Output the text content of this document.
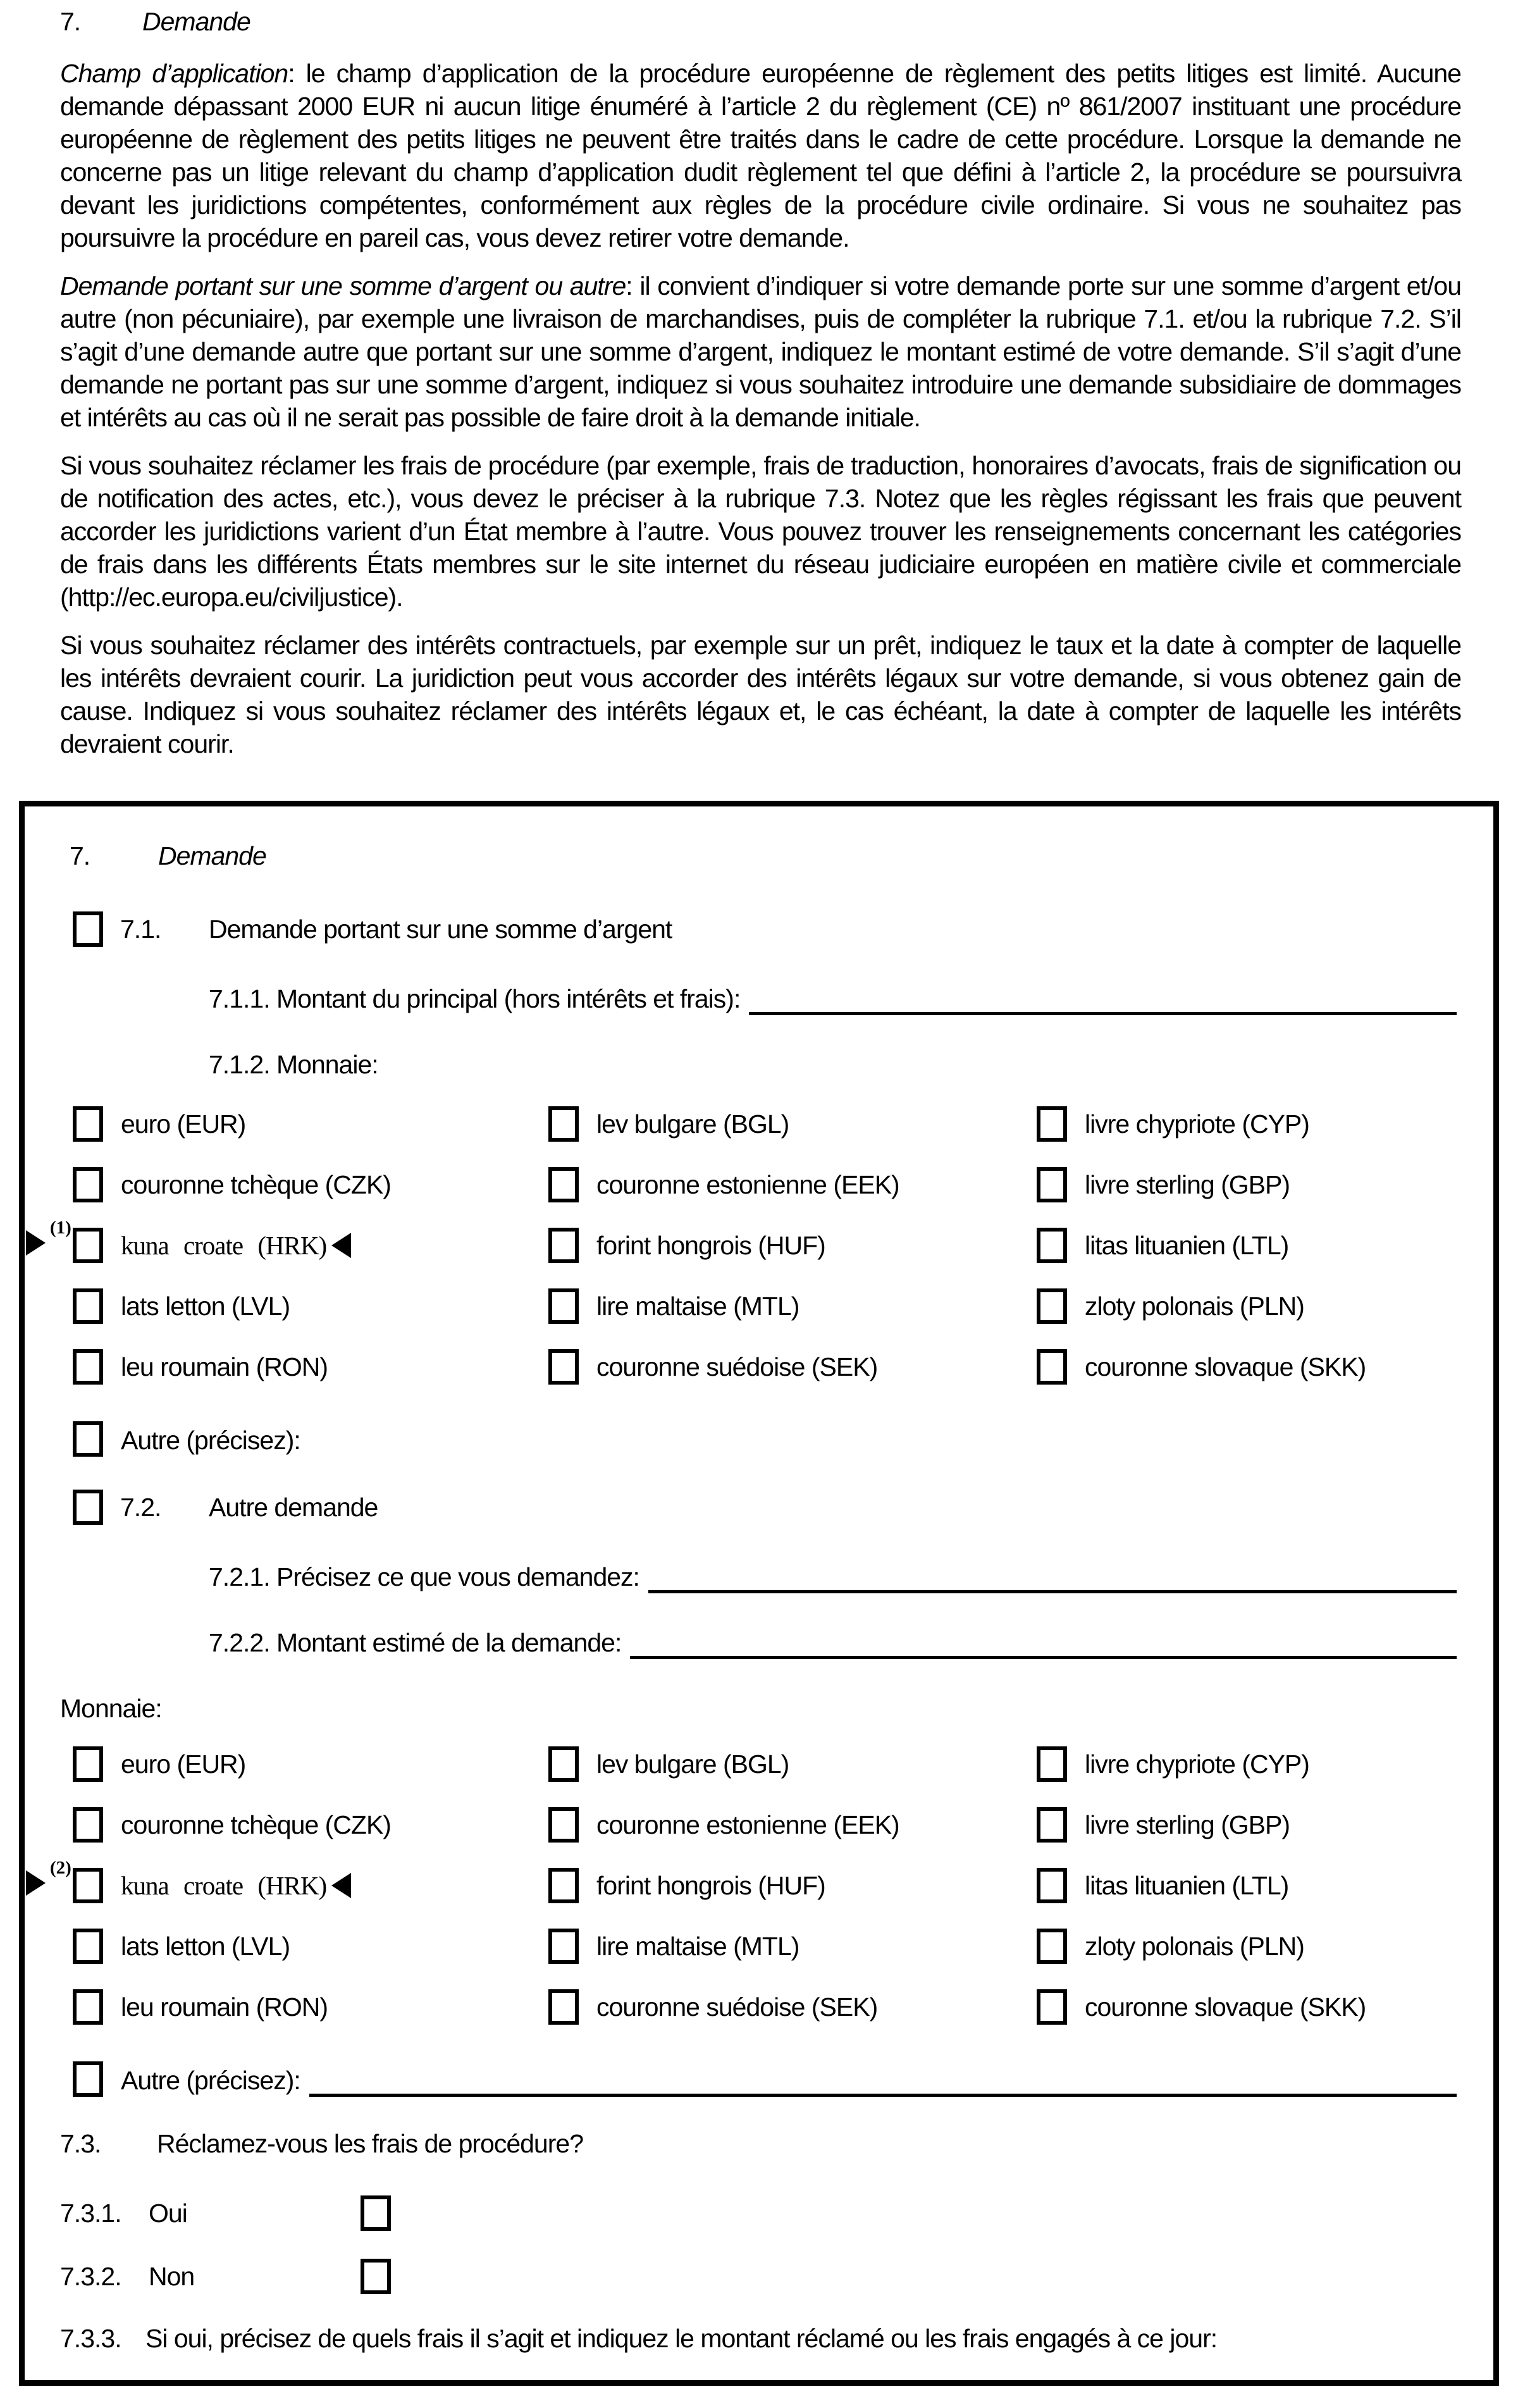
7. Demande

Champ d’application: le champ d’application de la procédure européenne de règlement des petits litiges est limité. Aucune demande dépassant 2000 EUR ni aucun litige énuméré à l’article 2 du règlement (CE) nº 861/2007 instituant une procédure européenne de règlement des petits litiges ne peuvent être traités dans le cadre de cette procédure. Lorsque la demande ne concerne pas un litige relevant du champ d’application dudit règlement tel que défini à l’article 2, la procédure se poursuivra devant les juridictions compétentes, conformément aux règles de la procédure civile ordinaire. Si vous ne souhaitez pas poursuivre la procédure en pareil cas, vous devez retirer votre demande.

Demande portant sur une somme d’argent ou autre: il convient d’indiquer si votre demande porte sur une somme d’argent et/ou autre (non pécuniaire), par exemple une livraison de marchandises, puis de compléter la rubrique 7.1. et/ou la rubrique 7.2. S’il s’agit d’une demande autre que portant sur une somme d’argent, indiquez le montant estimé de votre demande. S’il s’agit d’une demande ne portant pas sur une somme d’argent, indiquez si vous souhaitez introduire une demande subsidiaire de dommages et intérêts au cas où il ne serait pas possible de faire droit à la demande initiale.

Si vous souhaitez réclamer les frais de procédure (par exemple, frais de traduction, honoraires d’avocats, frais de signification ou de notification des actes, etc.), vous devez le préciser à la rubrique 7.3. Notez que les règles régissant les frais que peuvent accorder les juridictions varient d’un État membre à l’autre. Vous pouvez trouver les renseignements concernant les catégories de frais dans les différents États membres sur le site internet du réseau judiciaire européen en matière civile et commerciale (http://ec.europa.eu/civiljustice).

Si vous souhaitez réclamer des intérêts contractuels, par exemple sur un prêt, indiquez le taux et la date à compter de laquelle les intérêts devraient courir. La juridiction peut vous accorder des intérêts légaux sur votre demande, si vous obtenez gain de cause. Indiquez si vous souhaitez réclamer des intérêts légaux et, le cas échéant, la date à compter de laquelle les intérêts devraient courir.

7.	Demande
7.1.	Demande portant sur une somme d’argent
7.1.1. Montant du principal (hors intérêts et frais):
7.1.2. Monnaie:
euro (EUR)	lev bulgare (BGL)	livre chypriote (CYP)
couronne tchèque (CZK)	couronne estonienne (EEK)	livre sterling (GBP)
(1)
kuna croate (HRK)	forint hongrois (HUF)	litas lituanien (LTL)
lats letton (LVL)	lire maltaise (MTL)	zloty polonais (PLN)
leu roumain (RON)	couronne suédoise (SEK)	couronne slovaque (SKK)
Autre (précisez):
7.2.	Autre demande
7.2.1. Précisez ce que vous demandez:
7.2.2. Montant estimé de la demande:
Monnaie:
euro (EUR)	lev bulgare (BGL)	livre chypriote (CYP)
couronne tchèque (CZK)	couronne estonienne (EEK)	livre sterling (GBP)
(2)
kuna croate (HRK)	forint hongrois (HUF)	litas lituanien (LTL)
lats letton (LVL)	lire maltaise (MTL)	zloty polonais (PLN)
leu roumain (RON)	couronne suédoise (SEK)	couronne slovaque (SKK)
Autre (précisez):
7.3.	Réclamez-vous les frais de procédure?
7.3.1.	Oui
7.3.2.	Non
7.3.3. Si oui, précisez de quels frais il s’agit et indiquez le montant réclamé ou les frais engagés à ce jour:
